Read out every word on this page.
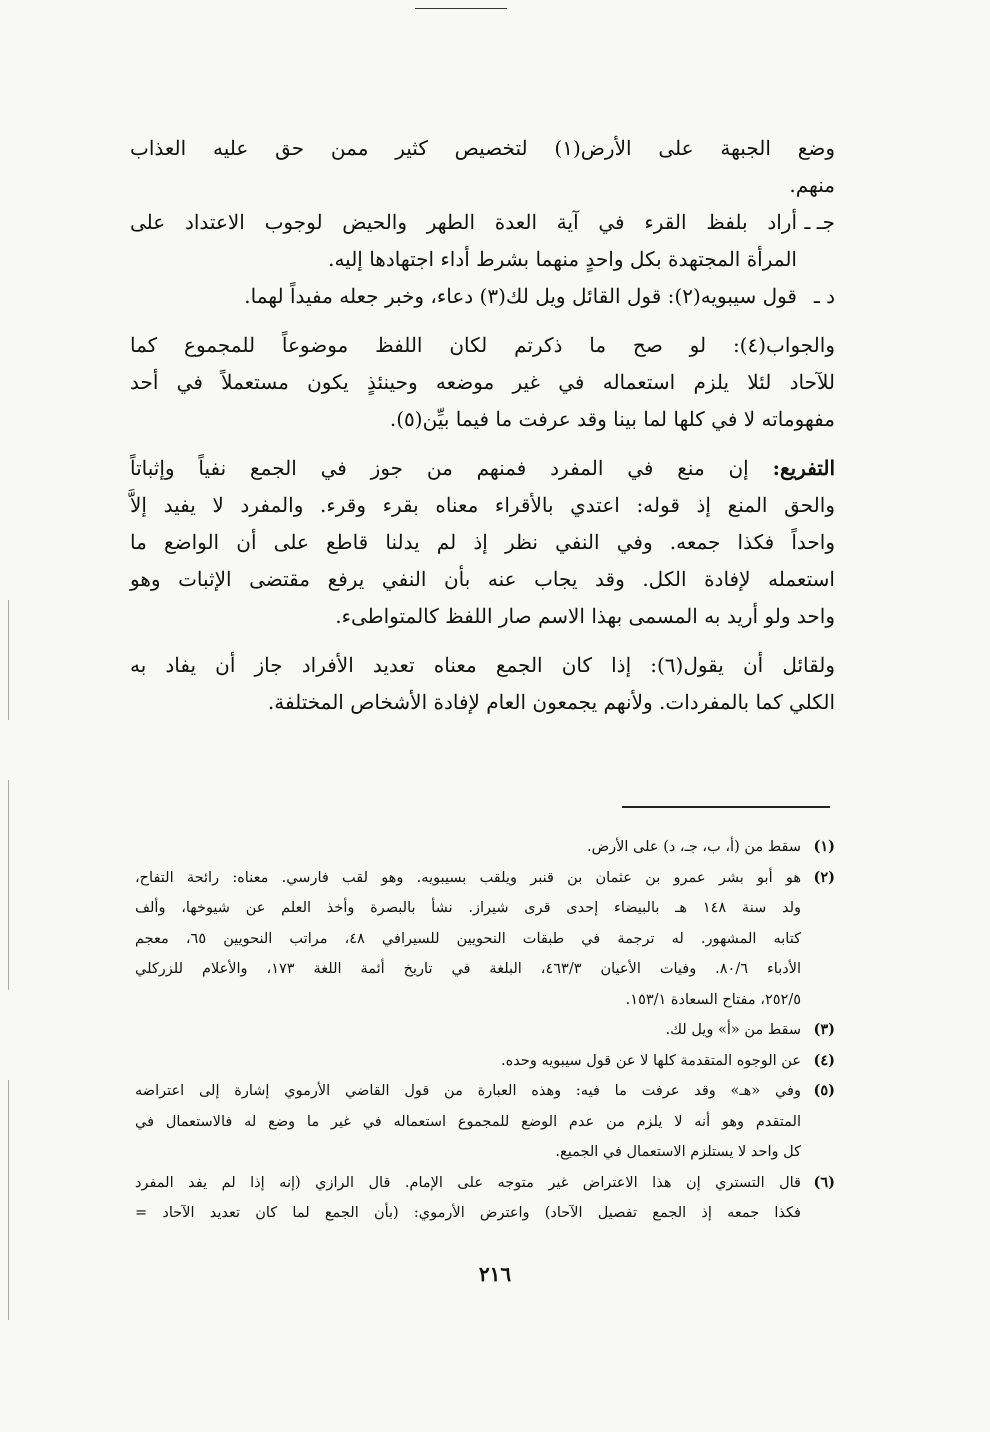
وضع الجبهة على الأرض(١) لتخصيص كثير ممن حق عليه العذاب
منهم.
جـ ـ
أراد بلفظ القرء في آية العدة الطهر والحيض لوجوب الاعتداد على
المرأة المجتهدة بكل واحدٍ منهما بشرط أداء اجتهادها إليه.
د ـ
قول سيبويه(٢): قول القائل ويل لك(٣) دعاء، وخبر جعله مفيداً لهما.
والجواب(٤): لو صح ما ذكرتم لكان اللفظ موضوعاً للمجموع كما
للآحاد لئلا يلزم استعماله في غير موضعه وحينئذٍ يكون مستعملاً في أحد
مفهوماته لا في كلها لما بينا وقد عرفت ما فيما بيِّن(٥).
التفريع: إن منع في المفرد فمنهم من جوز في الجمع نفياً وإثباتاً
والحق المنع إذ قوله: اعتدي بالأقراء معناه بقرء وقرء. والمفرد لا يفيد إلاَّ
واحداً فكذا جمعه. وفي النفي نظر إذ لم يدلنا قاطع على أن الواضع ما
استعمله لإفادة الكل. وقد يجاب عنه بأن النفي يرفع مقتضى الإثبات وهو
واحد ولو أريد به المسمى بهذا الاسم صار اللفظ كالمتواطىء.
ولقائل أن يقول(٦): إذا كان الجمع معناه تعديد الأفراد جاز أن يفاد به
الكلي كما بالمفردات. ولأنهم يجمعون العام لإفادة الأشخاص المختلفة.
(١)
سقط من (أ، ب، جـ، د) على الأرض.
(٢)
هو أبو بشر عمرو بن عثمان بن قنبر ويلقب بسيبويه. وهو لقب فارسي. معناه: رائحة التفاح،
ولد سنة ١٤٨ هـ بالبيضاء إحدى قرى شيراز. نشأ بالبصرة وأخذ العلم عن شيوخها، وألف
كتابه المشهور. له ترجمة في طبقات النحويين للسيرافي ٤٨، مراتب النحويين ٦٥، معجم
الأدباء ٨٠/٦. وفيات الأعيان ٤٦٣/٣، البلغة في تاريخ أئمة اللغة ١٧٣، والأعلام للزركلي
٢٥٢/٥، مفتاح السعادة ١٥٣/١.
(٣)
سقط من «أ» ويل لك.
(٤)
عن الوجوه المتقدمة كلها لا عن قول سيبويه وحده.
(٥)
وفي «هـ» وقد عرفت ما فيه: وهذه العبارة من قول القاضي الأرموي إشارة إلى اعتراضه
المتقدم وهو أنه لا يلزم من عدم الوضع للمجموع استعماله في غير ما وضع له فالاستعمال في
كل واحد لا يستلزم الاستعمال في الجميع.
(٦)
قال التستري إن هذا الاعتراض غير متوجه على الإمام. قال الرازي (إنه إذا لم يفد المفرد
فكذا جمعه إذ الجمع تفصيل الآحاد) واعترض الأرموي: (بأن الجمع لما كان تعديد الآحاد =
٢١٦
